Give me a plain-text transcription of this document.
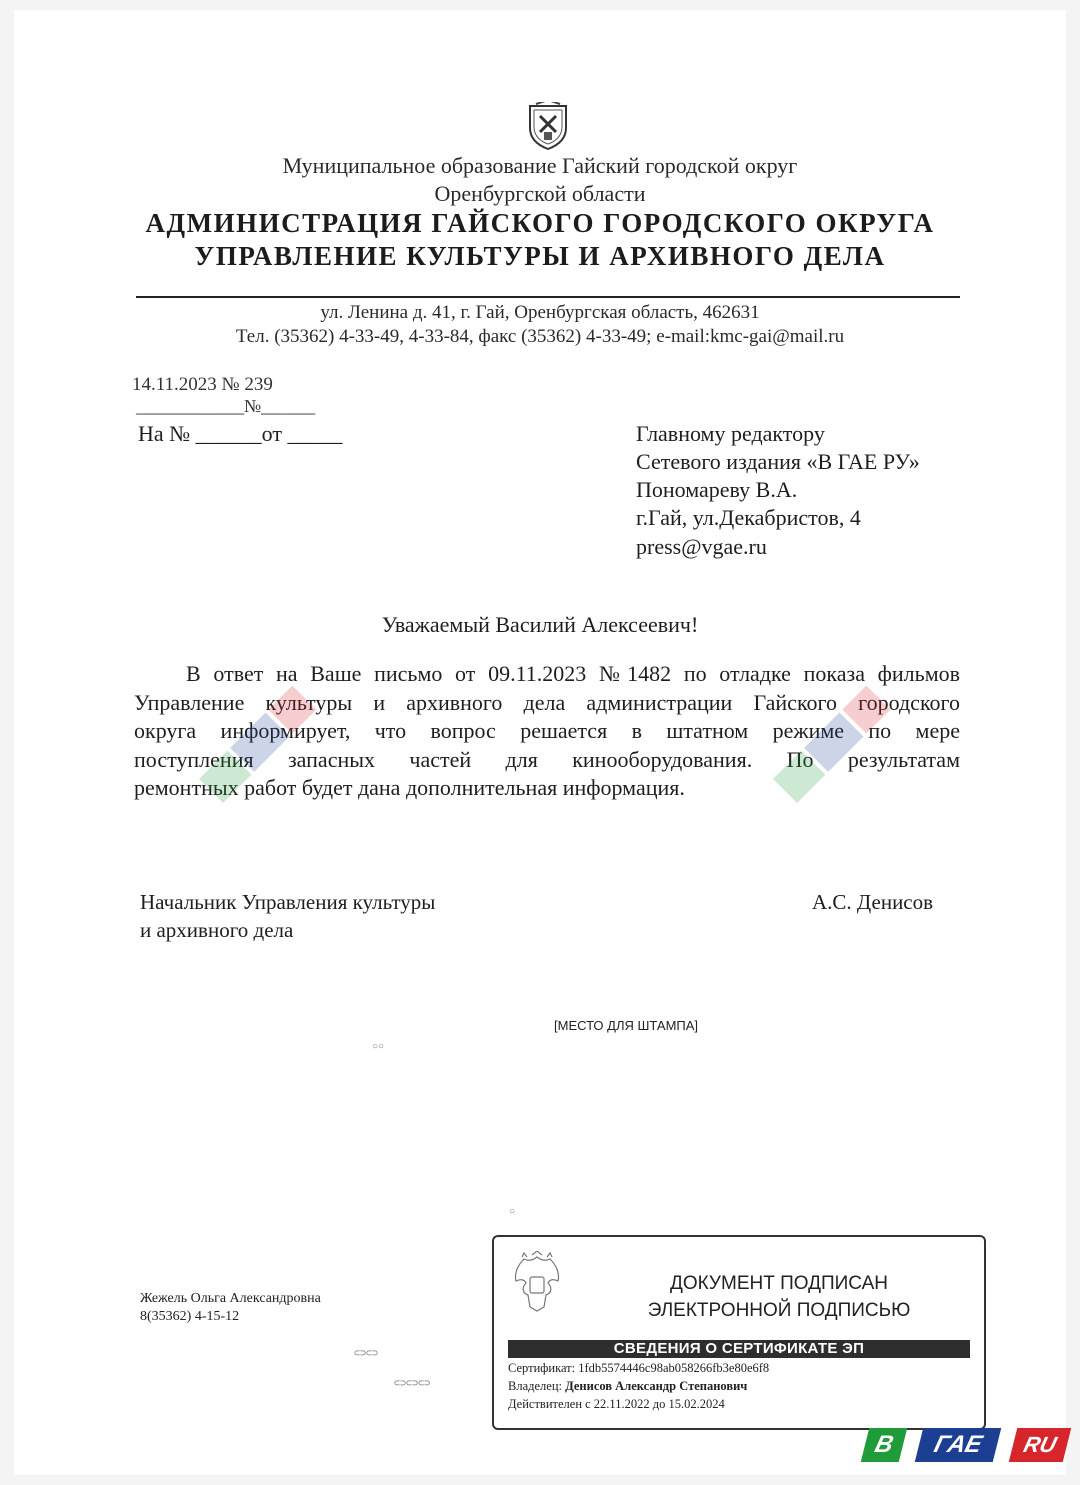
Муниципальное образование Гайский городской округ
Оренбургской области
АДМИНИСТРАЦИЯ ГАЙСКОГО ГОРОДСКОГО ОКРУГА
УПРАВЛЕНИЕ КУЛЬТУРЫ И АРХИВНОГО ДЕЛА
ул. Ленина д. 41, г. Гай, Оренбургская область, 462631
Тел. (35362) 4-33-49, 4-33-84, факс (35362) 4-33-49; e-mail:kmc-gai@mail.ru
14.11.2023 № 239
____________№______
На № ______от _____	Главному редактору
Сетевого издания «В ГАЕ РУ»
Пономареву В.А.
г.Гай, ул.Декабристов, 4
press@vgae.ru
Уважаемый Василий Алексеевич!

В ответ на Ваше письмо от 09.11.2023 №1482 по отладке показа фильмов

Управление культуры и архивного дела администрации Гайского городского

округа информирует, что вопрос решается в штатном режиме по мере

поступления запасных частей для кинооборудования. По результатам

ремонтных работ будет дана дополнительная информация.

Начальник Управления культуры
и архивного дела
А.С. Денисов
[МЕСТО ДЛЯ ШТАМПА]
○○
○
⊂⊃⊂⊃
⊂⊃⊂⊃⊂⊃
Жежель Ольга Александровна
8(35362) 4-15-12
ДОКУМЕНТ ПОДПИСАН
ЭЛЕКТРОННОЙ ПОДПИСЬЮ
СВЕДЕНИЯ О СЕРТИФИКАТЕ ЭП
Сертификат: 1fdb5574446c98ab058266fb3e80e6f8
Владелец: Денисов Александр Степанович
Действителен с 22.11.2022 до 15.02.2024
В	ГАЕ	RU
